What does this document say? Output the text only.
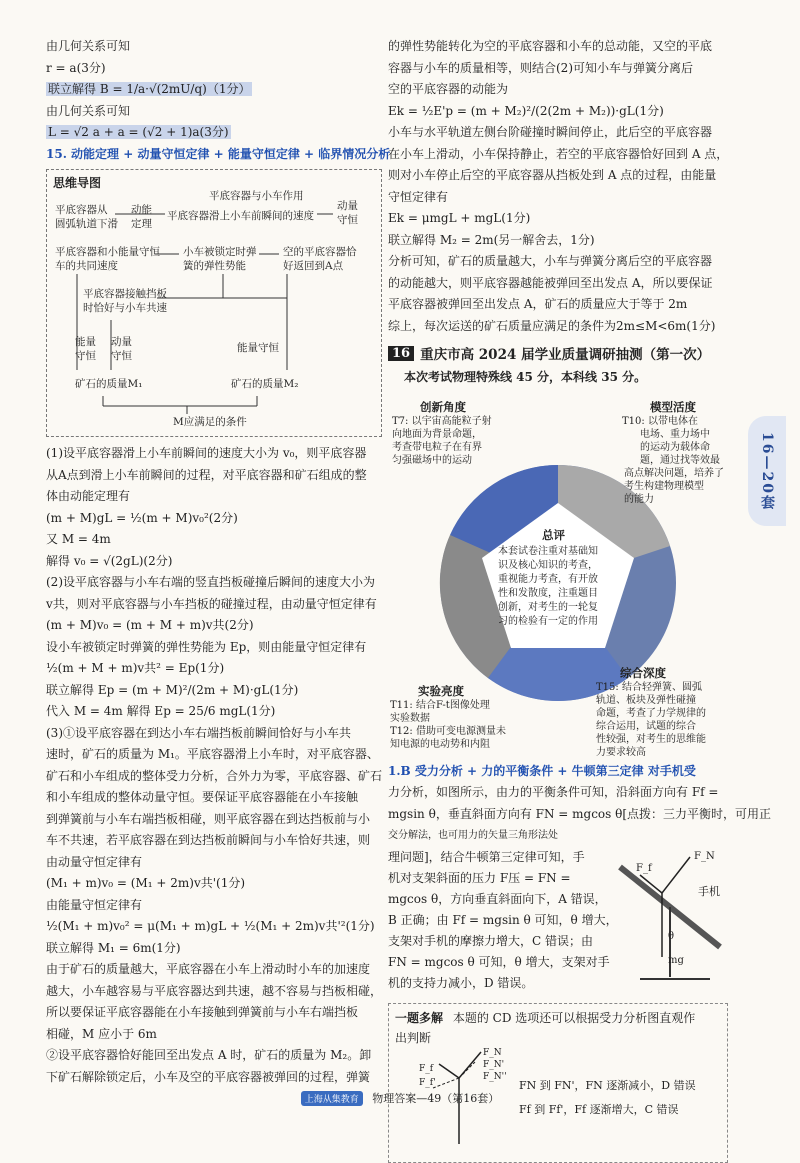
由几何关系可知
r = a(3分)
联立解得 B = 1/a·√(2mU/q)（1分）
由几何关系可知
L = √2 a + a = (√2 + 1)a(3分)
15. 动能定理 + 动量守恒定律 + 能量守恒定律 + 临界情况分析
思维导图
平底容器从
圆弧轨道下滑
动能
定理
平底容器与小车作用
平底容器滑上小车前瞬间的速度
动量
守恒
平底容器和小能量守恒
车的共同速度
小车被锁定时弹
簧的弹性势能
空的平底容器恰
好返回到A点
平底容器接触挡板
时恰好与小车共速
能量
守恒
动量
守恒
能量守恒
矿石的质量M₁	矿石的质量M₂
M应满足的条件
(1)设平底容器滑上小车前瞬间的速度大小为 v₀，则平底容器
从A点到滑上小车前瞬间的过程，对平底容器和矿石组成的整
体由动能定理有
(m + M)gL = ½(m + M)v₀²(2分)
又 M = 4m
解得 v₀ = √(2gL)(2分)
(2)设平底容器与小车右端的竖直挡板碰撞后瞬间的速度大小为
v共，则对平底容器与小车挡板的碰撞过程，由动量守恒定律有
(m + M)v₀ = (m + M + m)v共(2分)
设小车被锁定时弹簧的弹性势能为 Ep，则由能量守恒定律有
½(m + M + m)v共² = Ep(1分)
联立解得 Ep = (m + M)²/(2m + M)·gL(1分)
代入 M = 4m 解得 Ep = 25/6 mgL(1分)
(3)①设平底容器在到达小车右端挡板前瞬间恰好与小车共
速时，矿石的质量为 M₁。平底容器滑上小车时，对平底容器、
矿石和小车组成的整体受力分析，合外力为零，平底容器、矿石
和小车组成的整体动量守恒。要保证平底容器能在小车接触
到弹簧前与小车右端挡板相碰，则平底容器在到达挡板前与小
车不共速，若平底容器在到达挡板前瞬间与小车恰好共速，则
由动量守恒定律有
(M₁ + m)v₀ = (M₁ + 2m)v共'(1分)
由能量守恒定律有
½(M₁ + m)v₀² = μ(M₁ + m)gL + ½(M₁ + 2m)v共'²(1分)
联立解得 M₁ = 6m(1分)
由于矿石的质量越大，平底容器在小车上滑动时小车的加速度
越大，小车越容易与平底容器达到共速，越不容易与挡板相碰，
所以要保证平底容器能在小车接触到弹簧前与小车右端挡板
相碰，M 应小于 6m
②设平底容器恰好能回至出发点 A 时，矿石的质量为 M₂。卸
下矿石解除锁定后，小车及空的平底容器被弹回的过程，弹簧
的弹性势能转化为空的平底容器和小车的总动能，又空的平底
容器与小车的质量相等，则结合(2)可知小车与弹簧分离后
空的平底容器的动能为
Ek = ½E'p = (m + M₂)²/(2(2m + M₂))·gL(1分)
小车与水平轨道左侧台阶碰撞时瞬间停止，此后空的平底容器
在小车上滑动，小车保持静止，若空的平底容器恰好回到 A 点，
则对小车停止后空的平底容器从挡板处到 A 点的过程，由能量
守恒定律有
Ek = μmgL + mgL(1分)
联立解得 M₂ = 2m(另一解舍去，1分)
分析可知，矿石的质量越大，小车与弹簧分离后空的平底容器
的动能越大，则平底容器越能被弹回至出发点 A，所以要保证
平底容器被弹回至出发点 A，矿石的质量应大于等于 2m
综上，每次运送的矿石质量应满足的条件为2m≤M<6m(1分)
16 重庆市高 2024 届学业质量调研抽测（第一次）
本次考试物理特殊线 45 分，本科线 35 分。
创新角度	模型活度
总评
综合深度
实验亮度
T7: 以宇宙高能粒子射
向地面为背景命题，
考查带电粒子在有界
匀强磁场中的运动
T10: 以带电体在
电场、重力场中
的运动为载体命
题，通过找等效最
高点解决问题，培养了
考生构建物理模型
的能力
本套试卷注重对基础知
识及核心知识的考查，
重视能力考查，有开放
性和发散度，注重题目
创新，对考生的一轮复
习的检验有一定的作用
T15: 结合轻弹簧、圆弧
轨道、板块及弹性碰撞
命题，考查了力学规律的
综合运用，试题的综合
性较强，对考生的思维能
力要求较高
T11: 结合F-t图像处理
实验数据
T12: 借助可变电源测量未
知电源的电动势和内阻
1.B 受力分析 + 力的平衡条件 + 牛顿第三定律 对手机受
力分析，如图所示，由力的平衡条件可知，沿斜面方向有 Ff =
mgsin θ，垂直斜面方向有 FN = mgcos θ[点拨：三力平衡时，可用正
交分解法，也可用力的矢量三角形法处
理问题]，结合牛顿第三定律可知，手
机对支架斜面的压力 F压 = FN =
mgcos θ，方向垂直斜面向下，A 错误，
B 正确；由 Ff = mgsin θ 可知，θ 增大，
支架对手机的摩擦力增大，C 错误；由
FN = mgcos θ 可知，θ 增大，支架对手
机的支持力减小，D 错误。
F_N
F_f
手机
θ
mg
一题多解 本题的 CD 选项还可以根据受力分析图直观作
出判断
F_N
F_N'
F_N''
F_f
F_f'	FN 到 FN'，FN 逐渐减小，D 错误
Ff 到 Ff'，Ff 逐渐增大，C 错误
16—20套
上海从集教育 物理答案—49（第16套）
